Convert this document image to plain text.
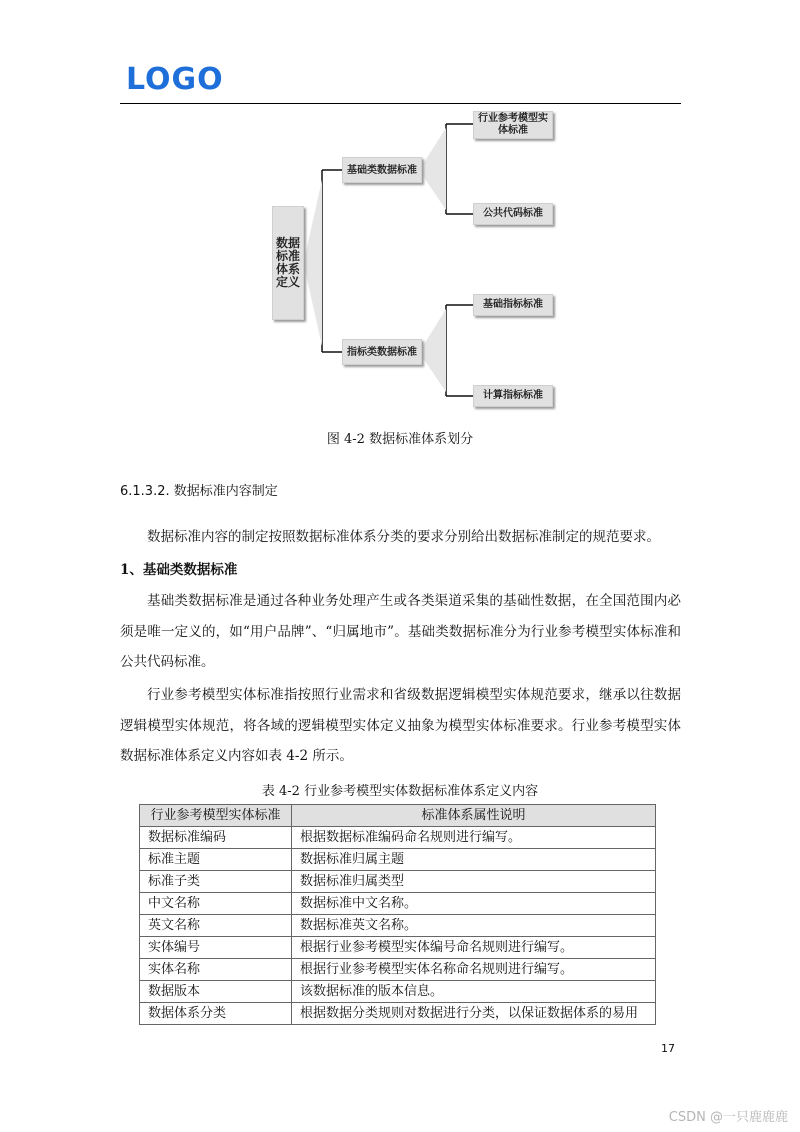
LOGO
数据标准体系定义
基础类数据标准
指标类数据标准
行业参考模型实体标准
公共代码标准
基础指标标准
计算指标标准
图 4-2 数据标准体系划分
6.1.3.2. 数据标准内容制定

数据标准内容的制定按照数据标准体系分类的要求分别给出数据标准制定的规范要求。

1、基础类数据标准

基础类数据标准是通过各种业务处理产生或各类渠道采集的基础性数据，在全国范围内必须是唯一定义的，如“用户品牌”、“归属地市”。基础类数据标准分为行业参考模型实体标准和公共代码标准。

行业参考模型实体标准指按照行业需求和省级数据逻辑模型实体规范要求，继承以往数据逻辑模型实体规范，将各域的逻辑模型实体定义抽象为模型实体标准要求。行业参考模型实体数据标准体系定义内容如表 4-2 所示。

表 4-2 行业参考模型实体数据标准体系定义内容
行业参考模型实体标准	标准体系属性说明
数据标准编码	根据数据标准编码命名规则进行编写。
标准主题	数据标准归属主题
标准子类	数据标准归属类型
中文名称	数据标准中文名称。
英文名称	数据标准英文名称。
实体编号	根据行业参考模型实体编号命名规则进行编写。
实体名称	根据行业参考模型实体名称命名规则进行编写。
数据版本	该数据标准的版本信息。
数据体系分类	根据数据分类规则对数据进行分类，以保证数据体系的易用
17
CSDN @一只鹿鹿鹿
